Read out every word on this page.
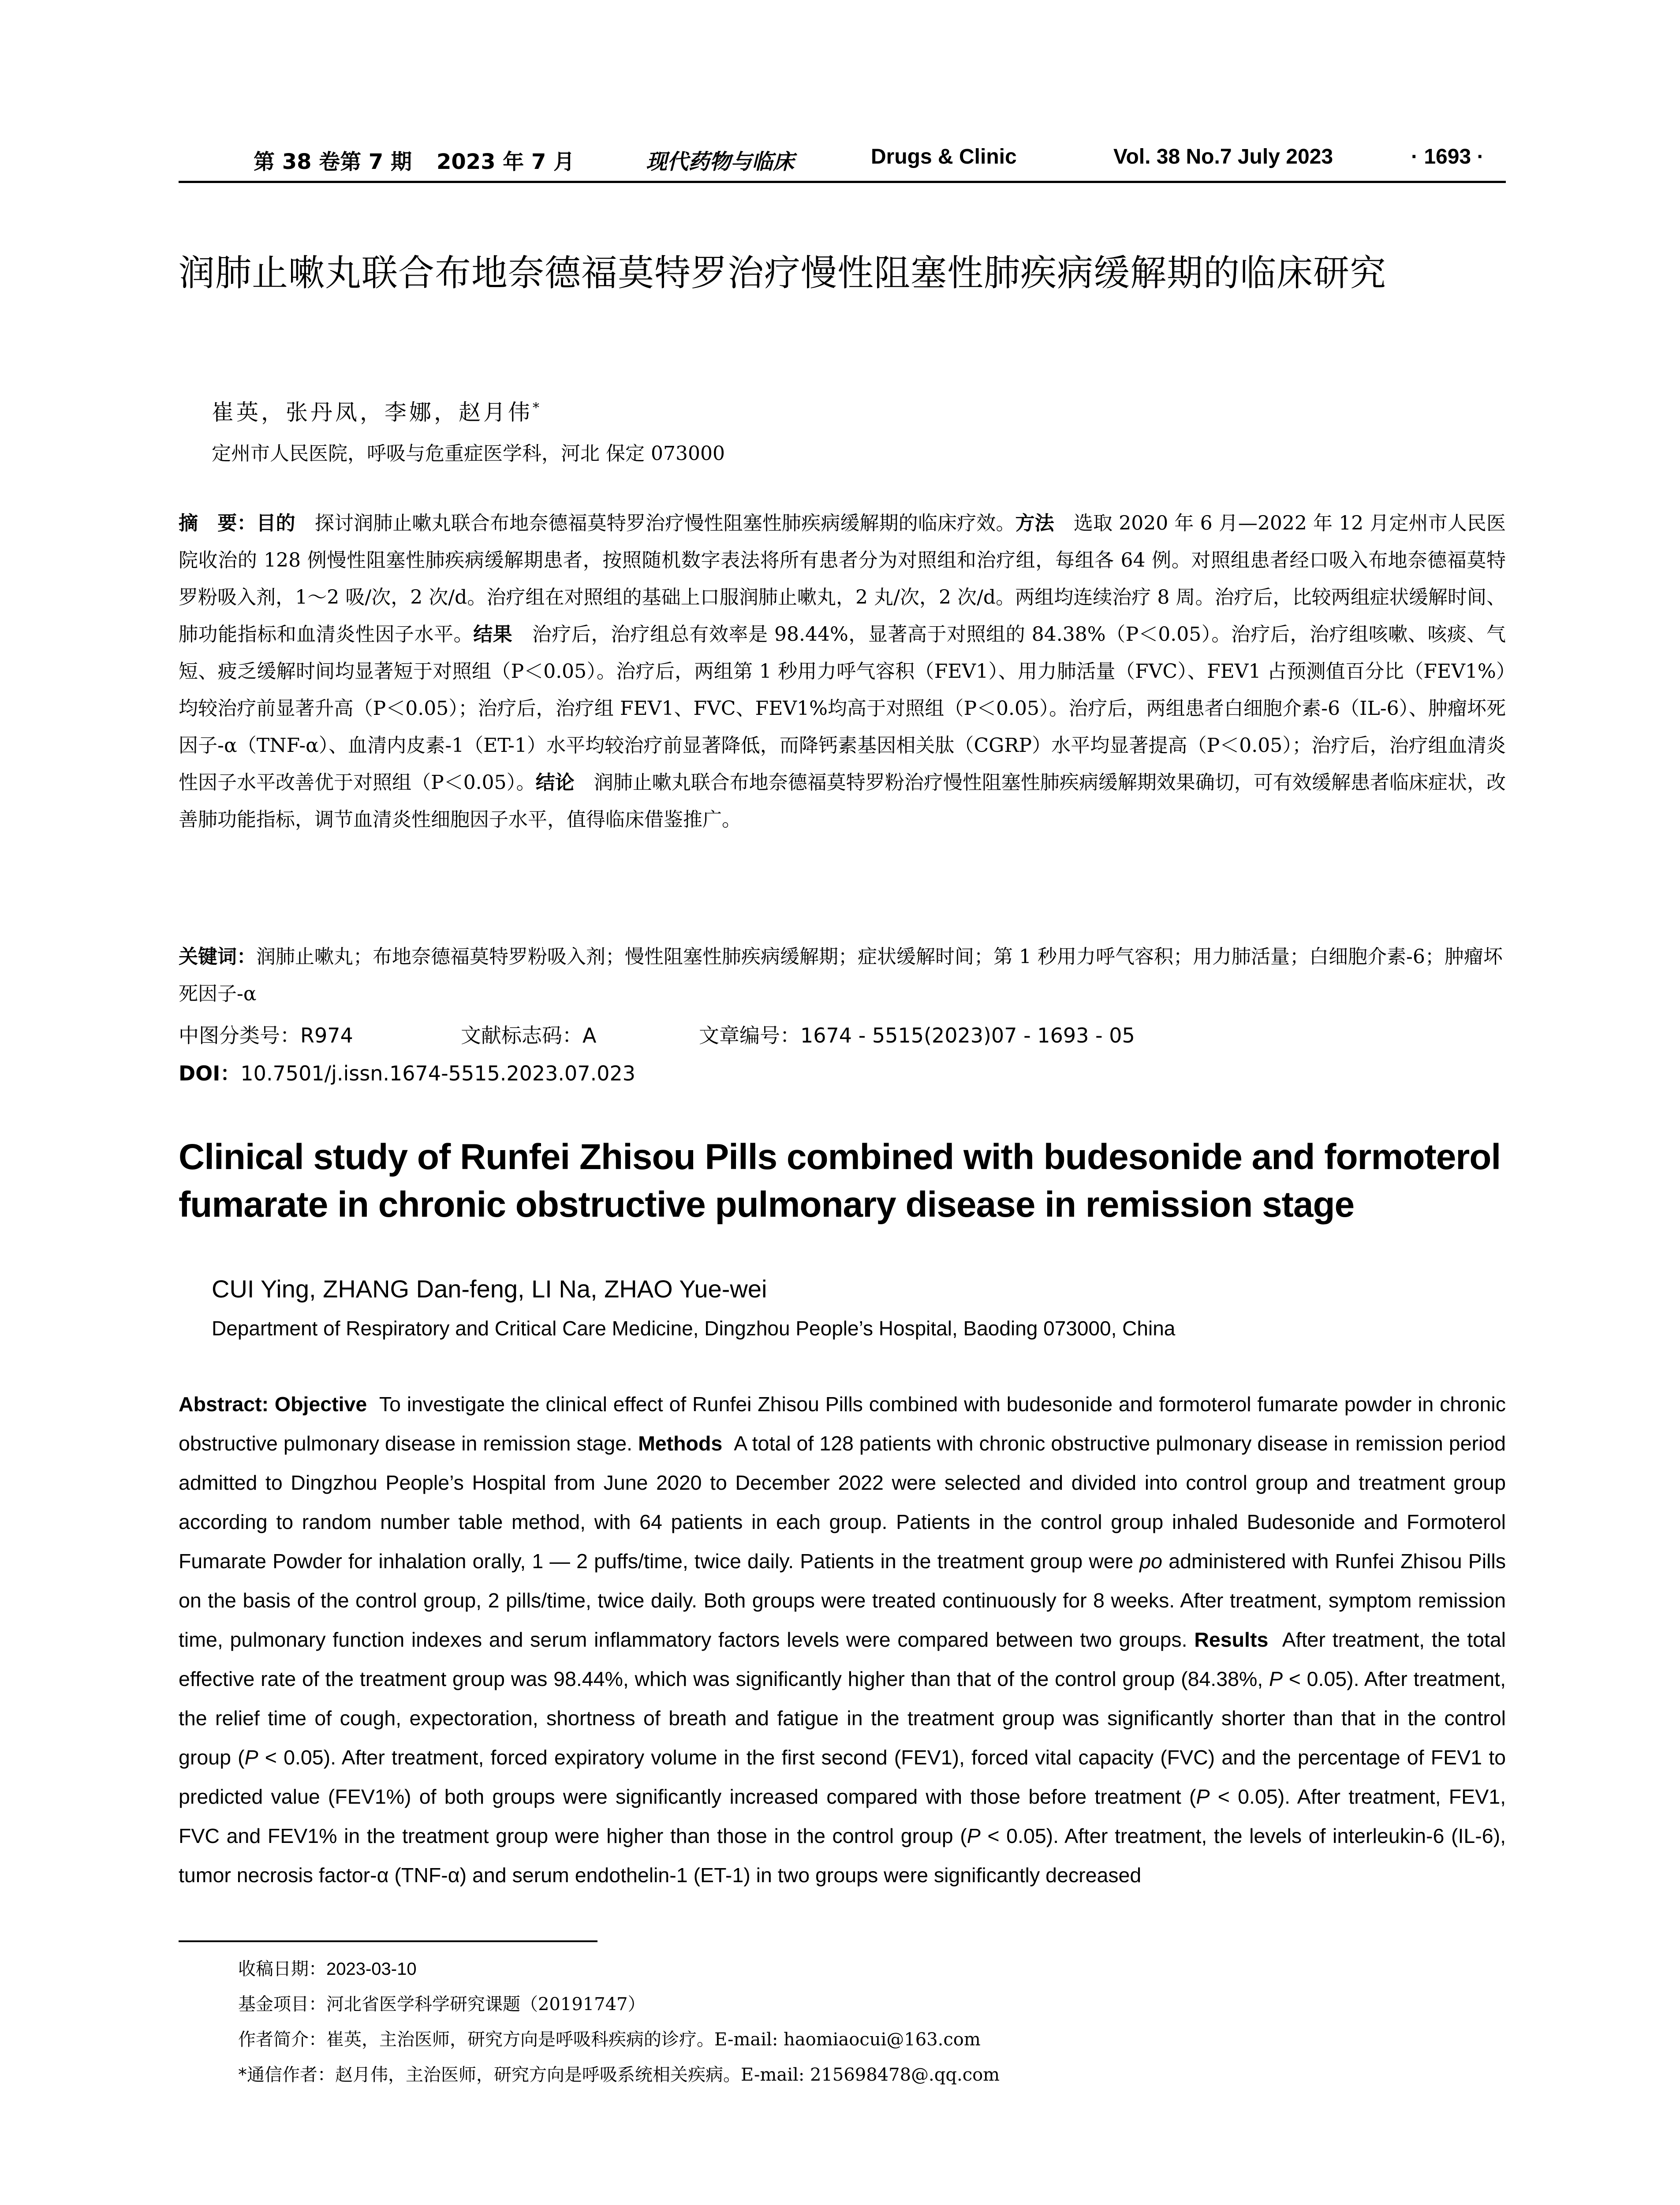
第 38 卷第 7 期 2023 年 7 月	现代药物与临床	Drugs & Clinic	Vol. 38 No.7 July 2023	· 1693 ·
润肺止嗽丸联合布地奈德福莫特罗治疗慢性阻塞性肺疾病缓解期的临床研究
崔英，张丹凤，李娜，赵月伟*
定州市人民医院，呼吸与危重症医学科，河北 保定 073000
摘　要：目的　 探讨润肺止嗽丸联合布地奈德福莫特罗治疗慢性阻塞性肺疾病缓解期的临床疗效。方法　 选取 2020 年 6 月—2022 年 12 月定州市人民医院收治的 128 例慢性阻塞性肺疾病缓解期患者，按照随机数字表法将所有患者分为对照组和治疗组，每组各 64 例。对照组患者经口吸入布地奈德福莫特罗粉吸入剂，1～2 吸/次，2 次/d。治疗组在对照组的基础上口服润肺止嗽丸，2 丸/次，2 次/d。两组均连续治疗 8 周。治疗后，比较两组症状缓解时间、肺功能指标和血清炎性因子水平。结果　 治疗后，治疗组总有效率是 98.44%，显著高于对照组的 84.38%（P＜0.05）。治疗后，治疗组咳嗽、咳痰、气短、疲乏缓解时间均显著短于对照组（P＜0.05）。治疗后，两组第 1 秒用力呼气容积（FEV1）、用力肺活量（FVC）、FEV1 占预测值百分比（FEV1%）均较治疗前显著升高（P＜0.05）；治疗后，治疗组 FEV1、FVC、FEV1%均高于对照组（P＜0.05）。治疗后，两组患者白细胞介素-6（IL-6）、肿瘤坏死因子-α（TNF-α）、血清内皮素-1（ET-1）水平均较治疗前显著降低，而降钙素基因相关肽（CGRP）水平均显著提高（P＜0.05）；治疗后，治疗组血清炎性因子水平改善优于对照组（P＜0.05）。结论　 润肺止嗽丸联合布地奈德福莫特罗粉治疗慢性阻塞性肺疾病缓解期效果确切，可有效缓解患者临床症状，改善肺功能指标，调节血清炎性细胞因子水平，值得临床借鉴推广。
关键词：润肺止嗽丸；布地奈德福莫特罗粉吸入剂；慢性阻塞性肺疾病缓解期；症状缓解时间；第 1 秒用力呼气容积；用力肺活量；白细胞介素-6；肿瘤坏死因子-α
中图分类号：R974	文献标志码：A	文章编号：1674 - 5515(2023)07 - 1693 - 05
DOI：10.7501/j.issn.1674-5515.2023.07.023
Clinical study of Runfei Zhisou Pills combined with budesonide and formoterol fumarate in chronic obstructive pulmonary disease in remission stage
CUI Ying, ZHANG Dan-feng, LI Na, ZHAO Yue-wei
Department of Respiratory and Critical Care Medicine, Dingzhou People’s Hospital, Baoding 073000, China
Abstract: Objective To investigate the clinical effect of Runfei Zhisou Pills combined with budesonide and formoterol fumarate powder in chronic obstructive pulmonary disease in remission stage. Methods A total of 128 patients with chronic obstructive pulmonary disease in remission period admitted to Dingzhou People’s Hospital from June 2020 to December 2022 were selected and divided into control group and treatment group according to random number table method, with 64 patients in each group. Patients in the control group inhaled Budesonide and Formoterol Fumarate Powder for inhalation orally, 1 — 2 puffs/time, twice daily. Patients in the treatment group were po administered with Runfei Zhisou Pills on the basis of the control group, 2 pills/time, twice daily. Both groups were treated continuously for 8 weeks. After treatment, symptom remission time, pulmonary function indexes and serum inflammatory factors levels were compared between two groups. Results After treatment, the total effective rate of the treatment group was 98.44%, which was significantly higher than that of the control group (84.38%, P < 0.05). After treatment, the relief time of cough, expectoration, shortness of breath and fatigue in the treatment group was significantly shorter than that in the control group (P < 0.05). After treatment, forced expiratory volume in the first second (FEV1), forced vital capacity (FVC) and the percentage of FEV1 to predicted value (FEV1%) of both groups were significantly increased compared with those before treatment (P < 0.05). After treatment, FEV1, FVC and FEV1% in the treatment group were higher than those in the control group (P < 0.05). After treatment, the levels of interleukin-6 (IL-6), tumor necrosis factor-α (TNF-α) and serum endothelin-1 (ET-1) in two groups were significantly decreased
收稿日期：2023-03-10
基金项目：河北省医学科学研究课题（20191747）
作者简介：崔英，主治医师，研究方向是呼吸科疾病的诊疗。E-mail: haomiaocui@163.com
*通信作者：赵月伟，主治医师，研究方向是呼吸系统相关疾病。E-mail: 215698478@.qq.com
